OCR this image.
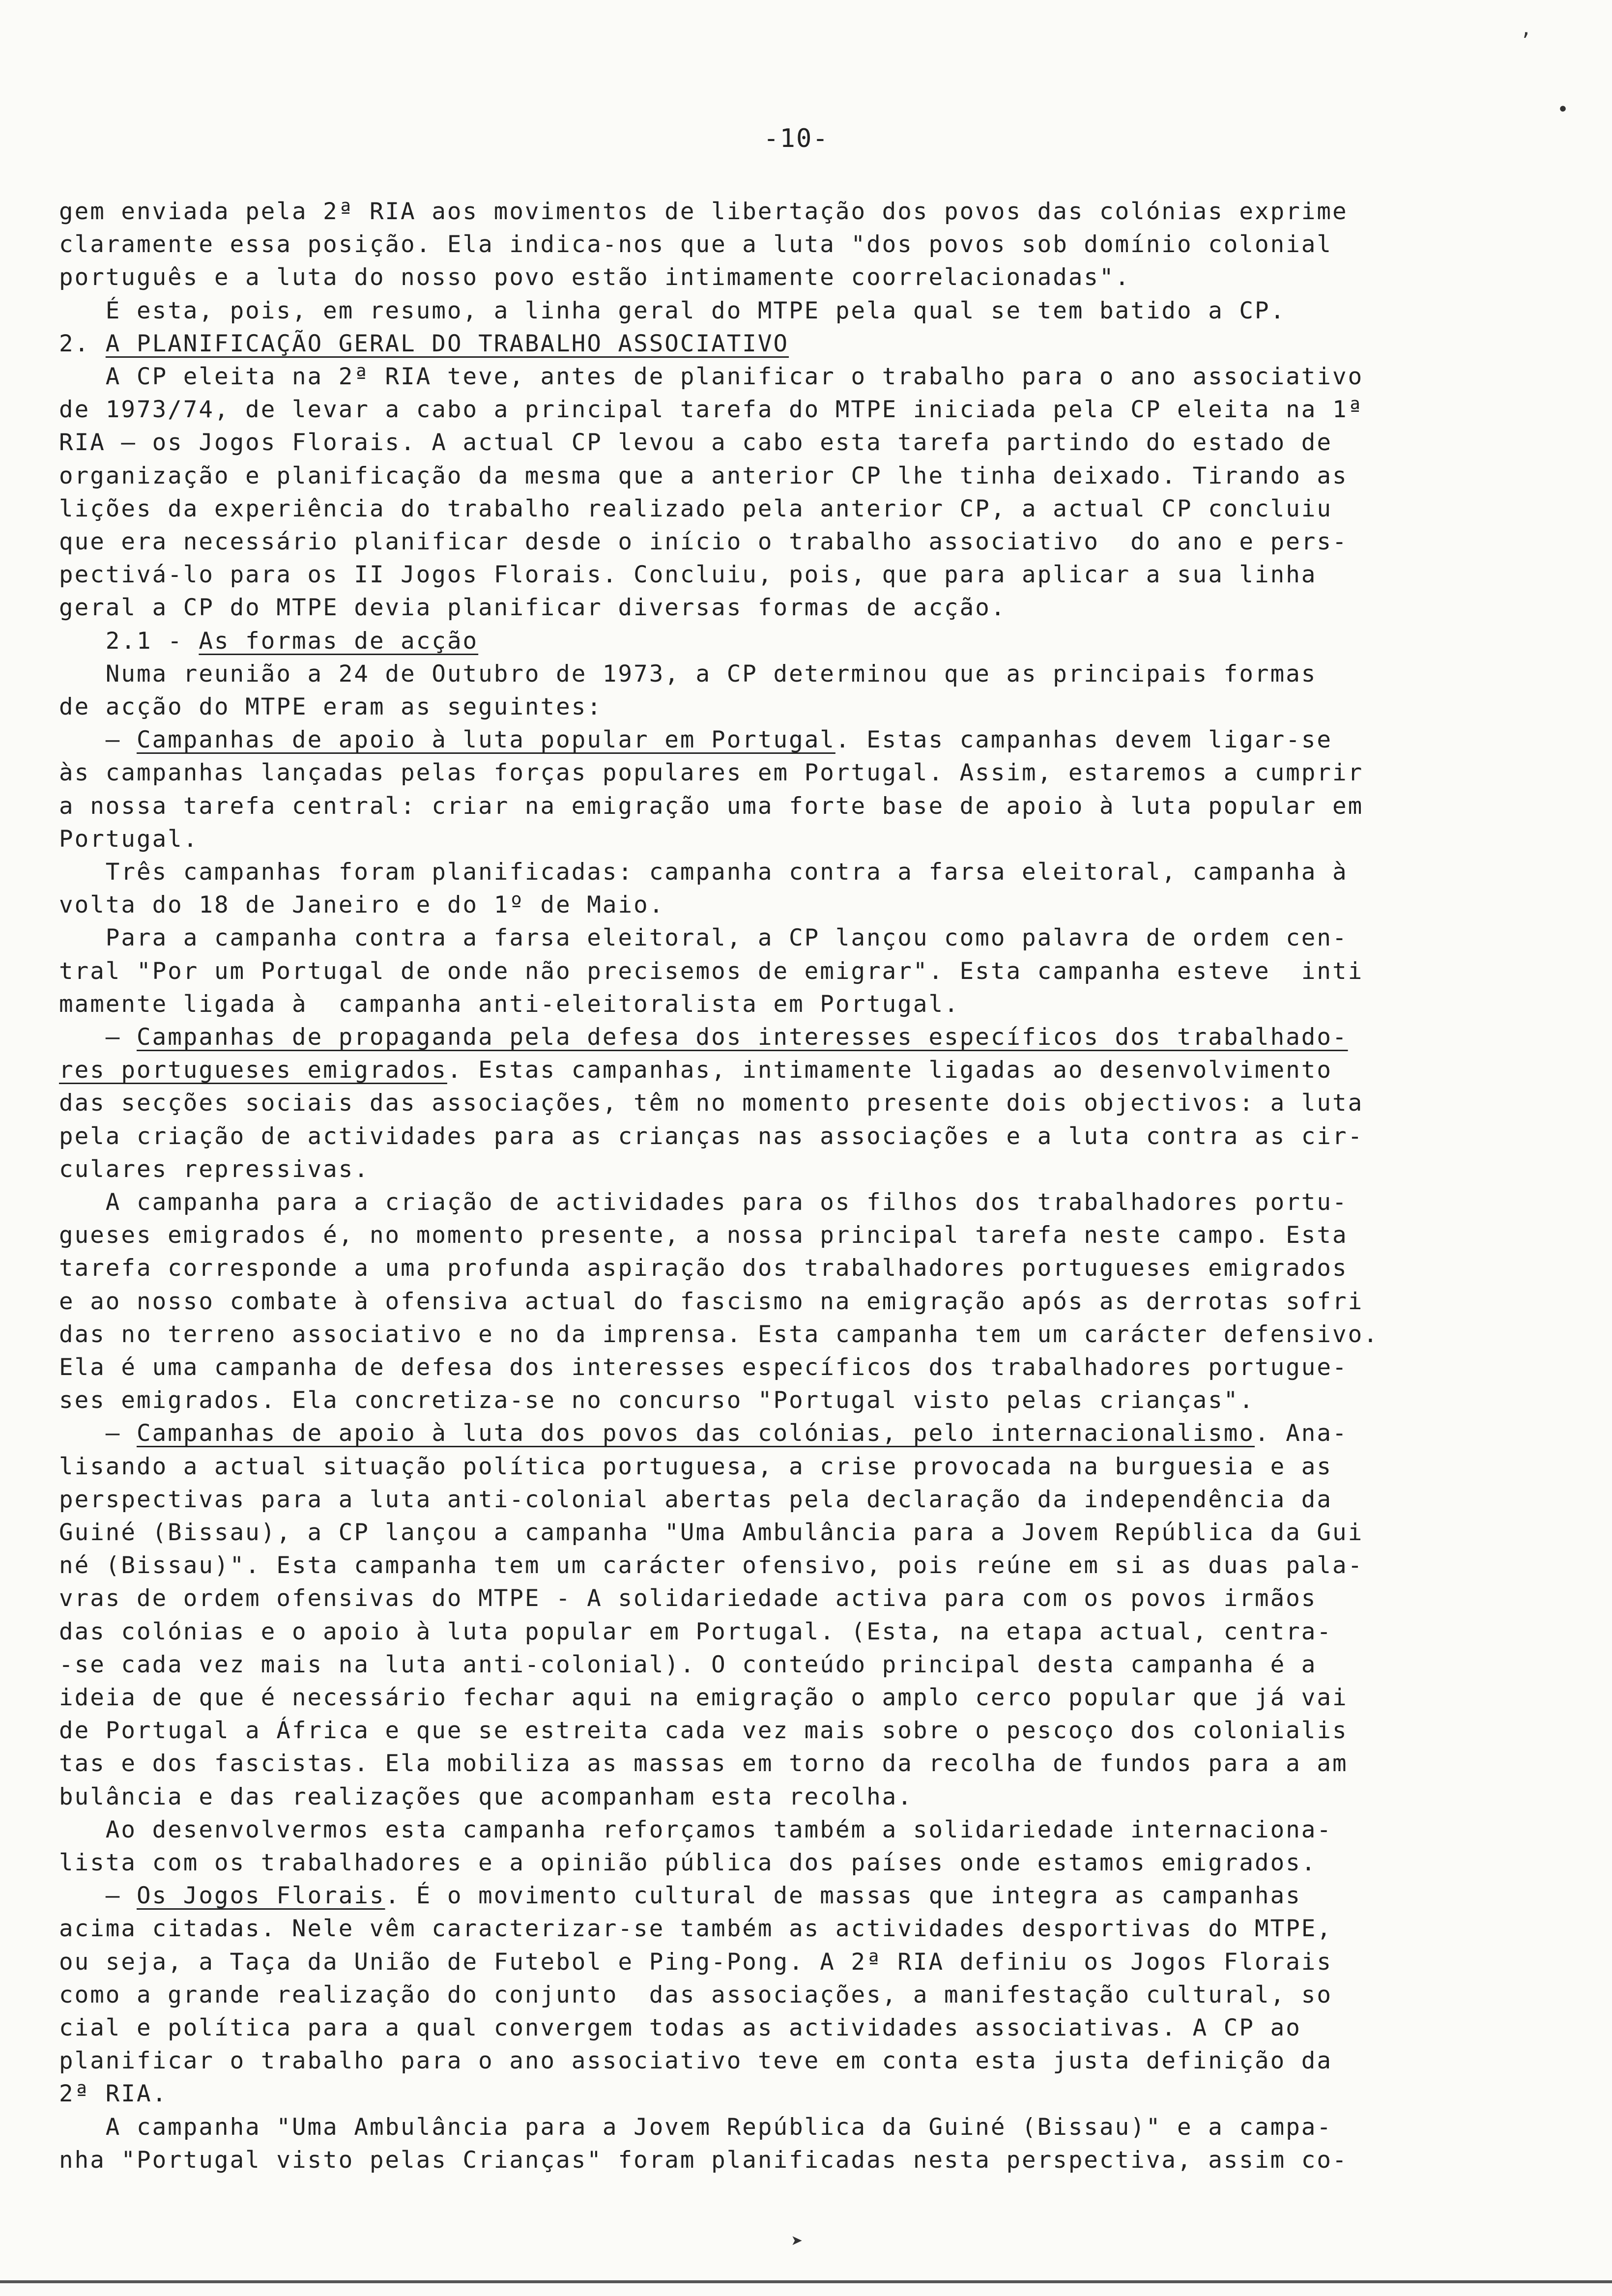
-10-
’
•
➤
gem enviada pela 2ª RIA aos movimentos de libertação dos povos das colónias exprime
claramente essa posição. Ela indica-nos que a luta "dos povos sob domínio colonial
português e a luta do nosso povo estão intimamente coorrelacionadas".
É esta, pois, em resumo, a linha geral do MTPE pela qual se tem batido a CP.
2. A PLANIFICAÇÃO GERAL DO TRABALHO ASSOCIATIVO
A CP eleita na 2ª RIA teve, antes de planificar o trabalho para o ano associativo
de 1973/74, de levar a cabo a principal tarefa do MTPE iniciada pela CP eleita na 1ª
RIA — os Jogos Florais. A actual CP levou a cabo esta tarefa partindo do estado de
organização e planificação da mesma que a anterior CP lhe tinha deixado. Tirando as
lições da experiência do trabalho realizado pela anterior CP, a actual CP concluiu
que era necessário planificar desde o início o trabalho associativo  do ano e pers-
pectivá-lo para os II Jogos Florais. Concluiu, pois, que para aplicar a sua linha
geral a CP do MTPE devia planificar diversas formas de acção.
2.1 - As formas de acção
Numa reunião a 24 de Outubro de 1973, a CP determinou que as principais formas
de acção do MTPE eram as seguintes:
— Campanhas de apoio à luta popular em Portugal. Estas campanhas devem ligar-se
às campanhas lançadas pelas forças populares em Portugal. Assim, estaremos a cumprir
a nossa tarefa central: criar na emigração uma forte base de apoio à luta popular em
Portugal.
Três campanhas foram planificadas: campanha contra a farsa eleitoral, campanha à
volta do 18 de Janeiro e do 1º de Maio.
Para a campanha contra a farsa eleitoral, a CP lançou como palavra de ordem cen-
tral "Por um Portugal de onde não precisemos de emigrar". Esta campanha esteve  inti
mamente ligada à  campanha anti-eleitoralista em Portugal.
— Campanhas de propaganda pela defesa dos interesses específicos dos trabalhado-
res portugueses emigrados. Estas campanhas, intimamente ligadas ao desenvolvimento
das secções sociais das associações, têm no momento presente dois objectivos: a luta
pela criação de actividades para as crianças nas associações e a luta contra as cir-
culares repressivas.
A campanha para a criação de actividades para os filhos dos trabalhadores portu-
gueses emigrados é, no momento presente, a nossa principal tarefa neste campo. Esta
tarefa corresponde a uma profunda aspiração dos trabalhadores portugueses emigrados
e ao nosso combate à ofensiva actual do fascismo na emigração após as derrotas sofri
das no terreno associativo e no da imprensa. Esta campanha tem um carácter defensivo.
Ela é uma campanha de defesa dos interesses específicos dos trabalhadores portugue-
ses emigrados. Ela concretiza-se no concurso "Portugal visto pelas crianças".
— Campanhas de apoio à luta dos povos das colónias, pelo internacionalismo. Ana-
lisando a actual situação política portuguesa, a crise provocada na burguesia e as
perspectivas para a luta anti-colonial abertas pela declaração da independência da
Guiné (Bissau), a CP lançou a campanha "Uma Ambulância para a Jovem República da Gui
né (Bissau)". Esta campanha tem um carácter ofensivo, pois reúne em si as duas pala-
vras de ordem ofensivas do MTPE - A solidariedade activa para com os povos irmãos
das colónias e o apoio à luta popular em Portugal. (Esta, na etapa actual, centra-
-se cada vez mais na luta anti-colonial). O conteúdo principal desta campanha é a
ideia de que é necessário fechar aqui na emigração o amplo cerco popular que já vai
de Portugal a África e que se estreita cada vez mais sobre o pescoço dos colonialis
tas e dos fascistas. Ela mobiliza as massas em torno da recolha de fundos para a am
bulância e das realizações que acompanham esta recolha.
Ao desenvolvermos esta campanha reforçamos também a solidariedade internaciona-
lista com os trabalhadores e a opinião pública dos países onde estamos emigrados.
— Os Jogos Florais. É o movimento cultural de massas que integra as campanhas
acima citadas. Nele vêm caracterizar-se também as actividades desportivas do MTPE,
ou seja, a Taça da União de Futebol e Ping-Pong. A 2ª RIA definiu os Jogos Florais
como a grande realização do conjunto  das associações, a manifestação cultural, so
cial e política para a qual convergem todas as actividades associativas. A CP ao
planificar o trabalho para o ano associativo teve em conta esta justa definição da
2ª RIA.
A campanha "Uma Ambulância para a Jovem República da Guiné (Bissau)" e a campa-
nha "Portugal visto pelas Crianças" foram planificadas nesta perspectiva, assim co-
